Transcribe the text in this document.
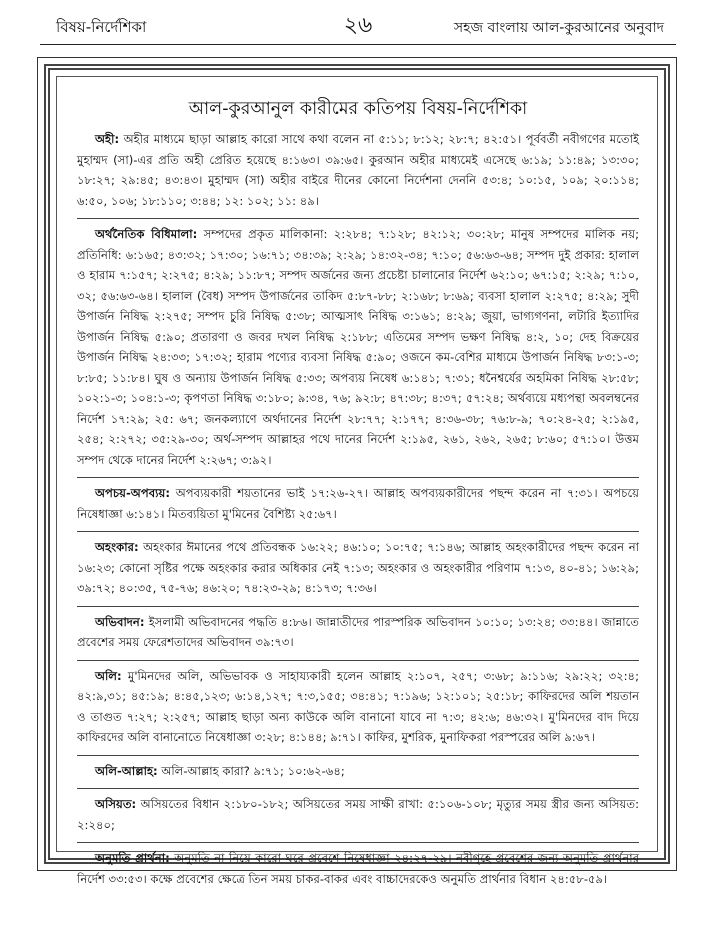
বিষয়-নির্দেশিকা	২৬	সহজ বাংলায় আল-কুরআনের অনুবাদ
আল-কুরআনুল কারীমের কতিপয় বিষয়-নির্দেশিকা

অহী: অহীর মাধ্যমে ছাড়া আল্লাহ কারো সাথে কথা বলেন না ৫:১১; ৮:১২; ২৮:৭; ৪২:৫১। পূর্ববর্তী নবীগণের মতোই মুহাম্মদ (সা)-এর প্রতি অহী প্রেরিত হয়েছে ৪:১৬৩। ৩৯:৬৫। কুরআন অহীর মাধ্যমেই এসেছে ৬:১৯; ১১:৪৯; ১৩:৩০; ১৮:২৭; ২৯:৪৫; ৪৩:৪৩। মুহাম্মদ (সা) অহীর বাইরে দীনের কোনো নির্দেশনা দেননি ৫৩:৪; ১০:১৫, ১০৯; ২০:১১৪; ৬:৫০, ১০৬; ১৮:১১০; ৩:৪৪; ১২: ১০২; ১১: ৪৯।

অর্থনৈতিক বিধিমালা: সম্পদের প্রকৃত মালিকানা: ২:২৮৪; ৭:১২৮; ৪২:১২; ৩০:২৮; মানুষ সম্পদের মালিক নয়; প্রতিনিধি: ৬:১৬৫; ৪৩:৩২; ১৭:৩০; ১৬:৭১; ৩৪:৩৯; ২:২৯; ১৪:৩২-৩৪; ৭:১০; ৫৬:৬৩-৬৪; সম্পদ দুই প্রকার: হালাল ও হারাম ৭:১৫৭; ২:২৭৫; ৪:২৯; ১১:৮৭; সম্পদ অর্জনের জন্য প্রচেষ্টা চালানোর নির্দেশ ৬২:১০; ৬৭:১৫; ২:২৯; ৭:১০, ৩২; ৫৬:৬৩-৬৪। হালাল (বৈধ) সম্পদ উপার্জনের তাকিদ ৫:৮৭-৮৮; ২:১৬৮; ৮:৬৯; ব্যবসা হালাল ২:২৭৫; ৪:২৯; সুদী উপার্জন নিষিদ্ধ ২:২৭৫; সম্পদ চুরি নিষিদ্ধ ৫:৩৮; আত্মসাৎ নিষিদ্ধ ৩:১৬১; ৪:২৯; জুয়া, ভাগ্যগণনা, লটারি ইত্যাদির উপার্জন নিষিদ্ধ ৫:৯০; প্রতারণা ও জবর দখল নিষিদ্ধ ২:১৮৮; এতিমের সম্পদ ভক্ষণ নিষিদ্ধ ৪:২, ১০; দেহ বিক্রয়ের উপার্জন নিষিদ্ধ ২৪:৩৩; ১৭:৩২; হারাম পণ্যের ব্যবসা নিষিদ্ধ ৫:৯০; ওজনে কম-বেশির মাধ্যমে উপার্জন নিষিদ্ধ ৮৩:১-৩; ৮:৮৫; ১১:৮৪। ঘুষ ও অন্যায় উপার্জন নিষিদ্ধ ৫:৩৩; অপব্যয় নিষেধ ৬:১৪১; ৭:৩১; ধনৈশ্বর্যের অহমিকা নিষিদ্ধ ২৮:৫৮; ১০২:১-৩; ১০৪:১-৩; কৃপণতা নিষিদ্ধ ৩:১৮০; ৯:৩৪, ৭৬; ৯২:৮; ৪৭:৩৮; ৪:৩৭; ৫৭:২৪; অর্থব্যয়ে মধ্যপন্থা অবলম্বনের নির্দেশ ১৭:২৯; ২৫: ৬৭; জনকল্যাণে অর্থদানের নির্দেশ ২৮:৭৭; ২:১৭৭; ৪:৩৬-৩৮; ৭৬:৮-৯; ৭০:২৪-২৫; ২:১৯৫, ২৫৪; ২:২৭২; ৩৫:২৯-৩০; অর্থ-সম্পদ আল্লাহর পথে দানের নির্দেশ ২:১৯৫, ২৬১, ২৬২, ২৬৫; ৮:৬০; ৫৭:১০। উত্তম সম্পদ থেকে দানের নির্দেশ ২:২৬৭; ৩:৯২।

অপচয়-অপব্যয়: অপব্যয়কারী শয়তানের ভাই ১৭:২৬-২৭। আল্লাহ অপব্যয়কারীদের পছন্দ করেন না ৭:৩১। অপচয়ে নিষেধাজ্ঞা ৬:১৪১। মিতব্যয়িতা মু'মিনের বৈশিষ্ট্য ২৫:৬৭।

অহংকার: অহংকার ঈমানের পথে প্রতিবন্ধক ১৬:২২; ৪৬:১০; ১০:৭৫; ৭:১৪৬; আল্লাহ অহংকারীদের পছন্দ করেন না ১৬:২৩; কোনো সৃষ্টির পক্ষে অহংকার করার অধিকার নেই ৭:১৩; অহংকার ও অহংকারীর পরিণাম ৭:১৩, ৪০-৪১; ১৬:২৯; ৩৯:৭২; ৪০:৩৫, ৭৫-৭৬; ৪৬:২০; ৭৪:২৩-২৯; ৪:১৭৩; ৭:৩৬।

অভিবাদন: ইসলামী অভিবাদনের পদ্ধতি ৪:৮৬। জান্নাতীদের পারস্পরিক অভিবাদন ১০:১০; ১৩:২৪; ৩৩:৪৪। জান্নাতে প্রবেশের সময় ফেরেশতাদের অভিবাদন ৩৯:৭৩।

অলি: মু'মিনদের অলি, অভিভাবক ও সাহায্যকারী হলেন আল্লাহ ২:১০৭, ২৫৭; ৩:৬৮; ৯:১১৬; ২৯:২২; ৩২:৪; ৪২:৯,৩১; ৪৫:১৯; ৪:৪৫,১২৩; ৬:১৪,১২৭; ৭:৩,১৫৫; ৩৪:৪১; ৭:১৯৬; ১২:১০১; ২৫:১৮; কাফিরদের অলি শয়তান ও তাগুত ৭:২৭; ২:২৫৭; আল্লাহ ছাড়া অন্য কাউকে অলি বানানো যাবে না ৭:৩; ৪২:৬; ৪৬:৩২। মু'মিনদের বাদ দিয়ে কাফিরদের অলি বানানোতে নিষেধাজ্ঞা ৩:২৮; ৪:১৪৪; ৯:৭১। কাফির, মুশরিক, মুনাফিকরা পরস্পরের অলি ৯:৬৭।

অলি-আল্লাহ: অলি-আল্লাহ কারা? ৯:৭১; ১০:৬২-৬৪;

অসিয়ত: অসিয়তের বিধান ২:১৮০-১৮২; অসিয়তের সময় সাক্ষী রাখা: ৫:১০৬-১০৮; মৃত্যুর সময় স্ত্রীর জন্য অসিয়ত: ২:২৪০;

অনুমতি প্রার্থনা: অনুমতি না নিয়ে কারো ঘরে প্রবেশে নিষেধাজ্ঞা ২৪:২৭-২৯। নবীগৃহে প্রবেশের জন্য অনুমতি প্রার্থনার নির্দেশ ৩৩:৫৩। কক্ষে প্রবেশের ক্ষেত্রে তিন সময় চাকর-বাকর এবং বাচ্চাদেরকেও অনুমতি প্রার্থনার বিধান ২৪:৫৮-৫৯।
